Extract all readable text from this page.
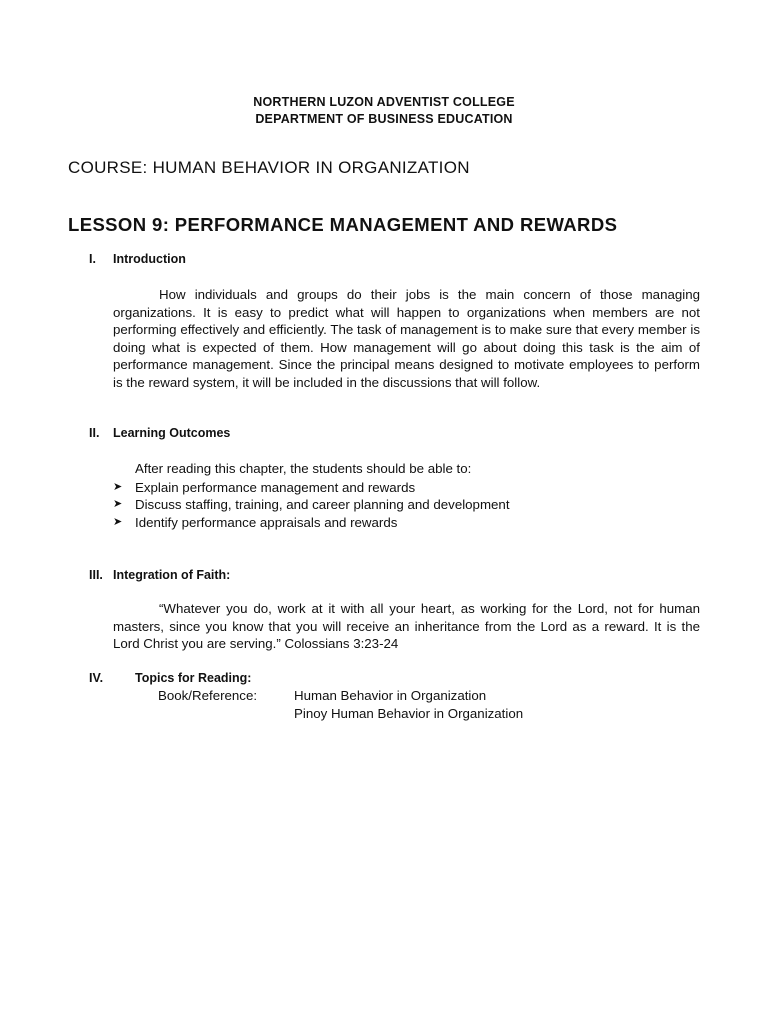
NORTHERN LUZON ADVENTIST COLLEGE
DEPARTMENT OF BUSINESS EDUCATION
COURSE: HUMAN BEHAVIOR IN ORGANIZATION
LESSON 9: PERFORMANCE MANAGEMENT AND REWARDS
I. Introduction
How individuals and groups do their jobs is the main concern of those managing organizations. It is easy to predict what will happen to organizations when members are not performing effectively and efficiently. The task of management is to make sure that every member is doing what is expected of them. How management will go about doing this task is the aim of performance management. Since the principal means designed to motivate employees to perform is the reward system, it will be included in the discussions that will follow.
II. Learning Outcomes
After reading this chapter, the students should be able to:
➤ Explain performance management and rewards
➤ Discuss staffing, training, and career planning and development
➤ Identify performance appraisals and rewards
III. Integration of Faith:
“Whatever you do, work at it with all your heart, as working for the Lord, not for human masters, since you know that you will receive an inheritance from the Lord as a reward. It is the Lord Christ you are serving.” Colossians 3:23-24
IV.	Topics for Reading:
Book/Reference:	Human Behavior in Organization
Pinoy Human Behavior in Organization
